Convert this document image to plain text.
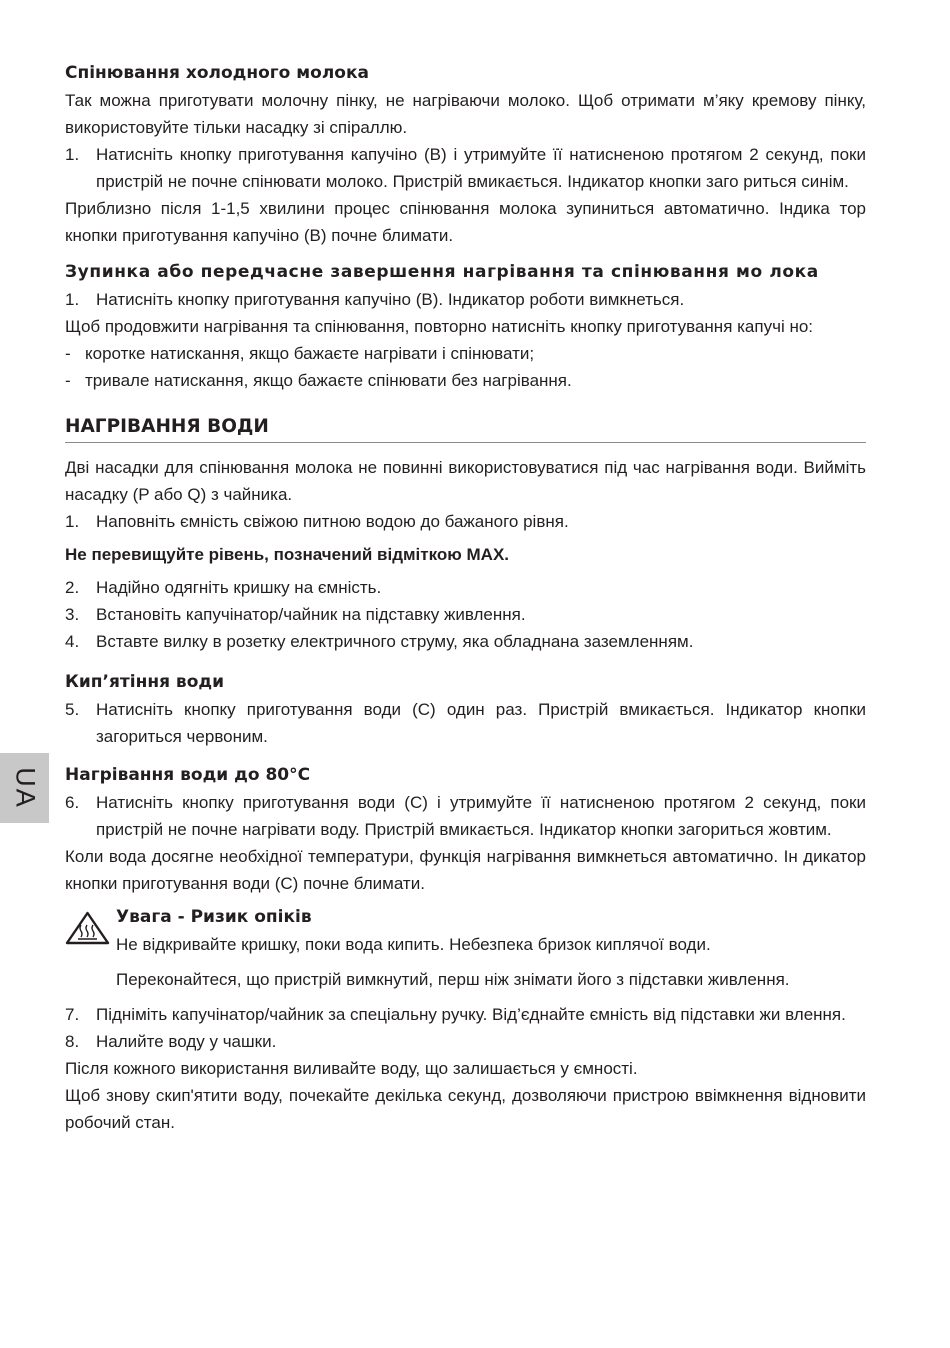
Спінювання холодного молока

Так можна приготувати молочну пінку, не нагріваючи молоко. Щоб отримати м’яку кремову пінку, використовуйте тільки насадку зі спіраллю.

1. Натисніть кнопку приготування капучіно (B) і утримуйте її натисненою протягом 2 секунд, поки пристрій не почне спінювати молоко. Пристрій вмикається. Індикатор кнопки заго риться синім.

Приблизно після 1-1,5 хвилини процес спінювання молока зупиниться автоматично. Індика тор кнопки приготування капучіно (B) почне блимати.

Зупинка або передчасне завершення нагрівання та спінювання мо лока
1. Натисніть кнопку приготування капучіно (B). Індикатор роботи вимкнеться.

Щоб продовжити нагрівання та спінювання, повторно натисніть кнопку приготування капучі но:

- коротке натискання, якщо бажаєте нагрівати і спінювати;
- тривале натискання, якщо бажаєте спінювати без нагрівання.
НАГРІВАННЯ ВОДИ

Дві насадки для спінювання молока не повинні використовуватися під час нагрівання води. Вийміть насадку (P або Q) з чайника.

1. Наповніть ємність свіжою питною водою до бажаного рівня.

Не перевищуйте рівень, позначений відміткою MAX.

2. Надійно одягніть кришку на ємність.
3. Встановіть капучінатор/чайник на підставку живлення.
4. Вставте вилку в розетку електричного струму, яка обладнана заземленням.
Кип’ятіння води
5. Натисніть кнопку приготування води (C) один раз. Пристрій вмикається. Індикатор кнопки загориться червоним.
Нагрівання води до 80°C
6. Натисніть кнопку приготування води (C) і утримуйте її натисненою протягом 2 секунд, поки пристрій не почне нагрівати воду. Пристрій вмикається. Індикатор кнопки загориться жовтим.

Коли вода досягне необхідної температури, функція нагрівання вимкнеться автоматично. Ін дикатор кнопки приготування води (C) почне блимати.

Увага - Ризик опіків

Не відкривайте кришку, поки вода кипить. Небезпека бризок киплячої води.

Переконайтеся, що пристрій вимкнутий, перш ніж знімати його з підставки живлення.

7. Підніміть капучінатор/чайник за спеціальну ручку. Від’єднайте ємність від підставки жи влення.
8. Налийте воду у чашки.

Після кожного використання виливайте воду, що залишається у ємності.

Щоб знову скип'ятити воду, почекайте декілька секунд, дозволяючи пристрою ввімкнення відновити робочий стан.

UA
